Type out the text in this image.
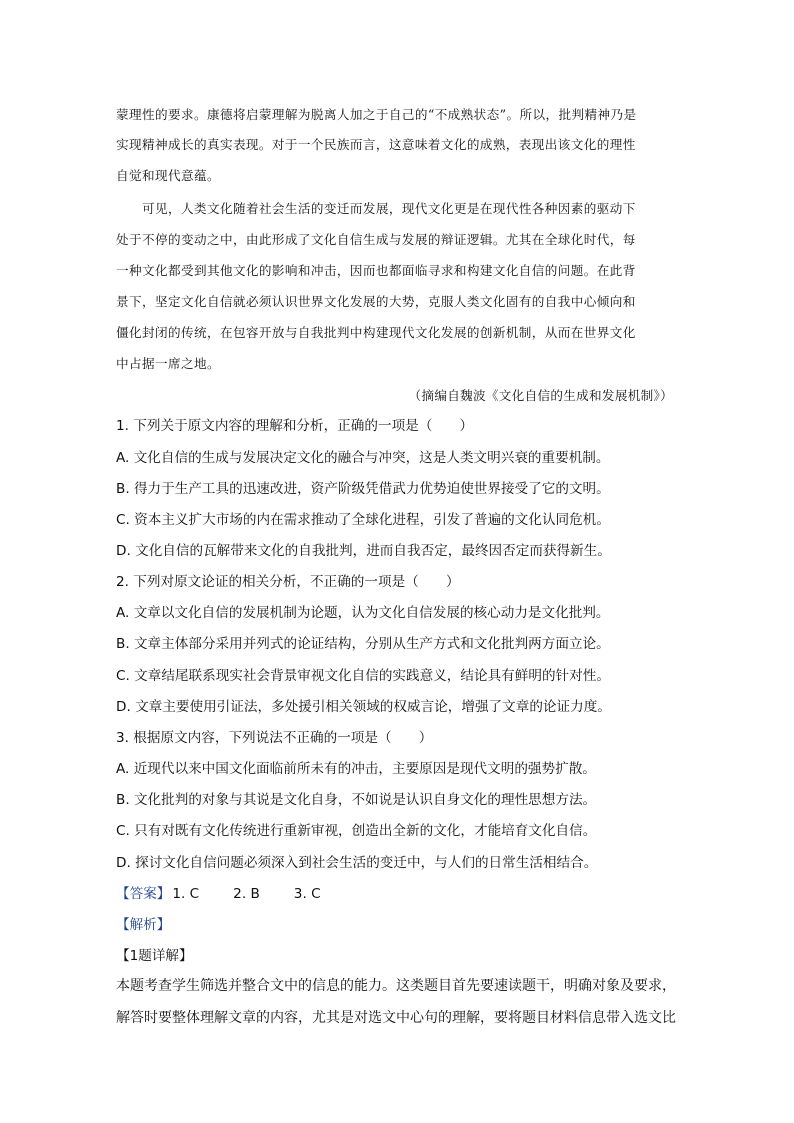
蒙理性的要求。康德将启蒙理解为脱离人加之于自己的“不成熟状态”。所以，批判精神乃是
实现精神成长的真实表现。对于一个民族而言，这意味着文化的成熟，表现出该文化的理性
自觉和现代意蕴。
可见，人类文化随着社会生活的变迁而发展，现代文化更是在现代性各种因素的驱动下
处于不停的变动之中，由此形成了文化自信生成与发展的辩证逻辑。尤其在全球化时代，每
一种文化都受到其他文化的影响和冲击，因而也都面临寻求和构建文化自信的问题。在此背
景下，坚定文化自信就必须认识世界文化发展的大势，克服人类文化固有的自我中心倾向和
僵化封闭的传统，在包容开放与自我批判中构建现代文化发展的创新机制，从而在世界文化
中占据一席之地。
（摘编自魏波《文化自信的生成和发展机制》）
1. 下列关于原文内容的理解和分析，正确的一项是（　　）
A. 文化自信的生成与发展决定文化的融合与冲突，这是人类文明兴衰的重要机制。
B. 得力于生产工具的迅速改进，资产阶级凭借武力优势迫使世界接受了它的文明。
C. 资本主义扩大市场的内在需求推动了全球化进程，引发了普遍的文化认同危机。
D. 文化自信的瓦解带来文化的自我批判，进而自我否定，最终因否定而获得新生。
2. 下列对原文论证的相关分析，不正确的一项是（　　）
A. 文章以文化自信的发展机制为论题，认为文化自信发展的核心动力是文化批判。
B. 文章主体部分采用并列式的论证结构，分别从生产方式和文化批判两方面立论。
C. 文章结尾联系现实社会背景审视文化自信的实践意义，结论具有鲜明的针对性。
D. 文章主要使用引证法，多处援引相关领域的权威言论，增强了文章的论证力度。
3. 根据原文内容，下列说法不正确的一项是（　　）
A. 近现代以来中国文化面临前所未有的冲击，主要原因是现代文明的强势扩散。
B. 文化批判的对象与其说是文化自身，不如说是认识自身文化的理性思想方法。
C. 只有对既有文化传统进行重新审视，创造出全新的文化，才能培育文化自信。
D. 探讨文化自信问题必须深入到社会生活的变迁中，与人们的日常生活相结合。
【答案】 1. C	2. B	3. C
【解析】
【1题详解】
本题考查学生筛选并整合文中的信息的能力。这类题目首先要速读题干，明确对象及要求，
解答时要整体理解文章的内容，尤其是对选文中心句的理解，要将题目材料信息带入选文比
